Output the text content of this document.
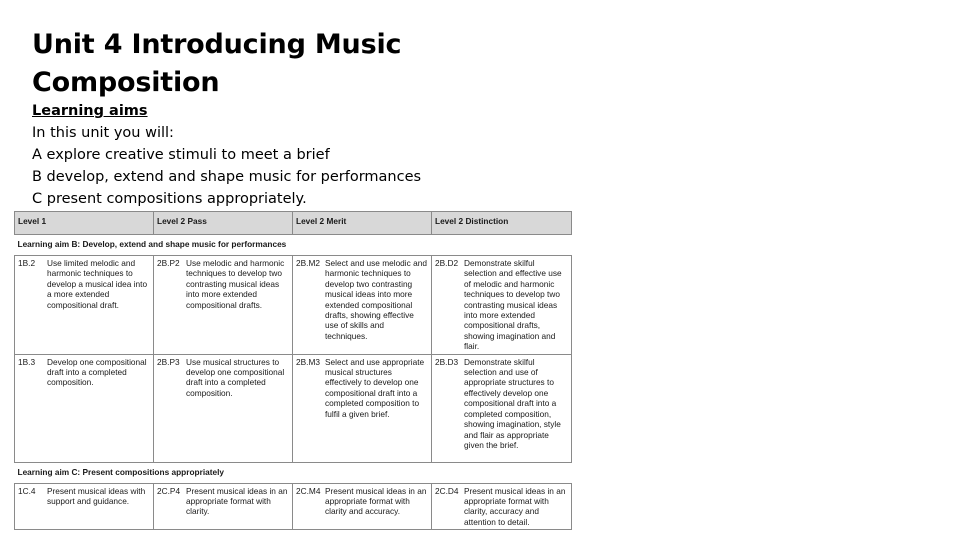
Unit 4 Introducing Music
Composition
Learning aims
In this unit you will:
A explore creative stimuli to meet a brief
B develop, extend and shape music for performances
C present compositions appropriately.
Level 1	Level 2 Pass	Level 2 Merit	Level 2 Distinction
Learning aim B: Develop, extend and shape music for performances			

1B.2 Use limited melodic and harmonic techniques to develop a musical idea into a more extended compositional draft.	2B.P2 Use melodic and harmonic techniques to develop two contrasting musical ideas into more extended compositional drafts.	2B.M2 Select and use melodic and harmonic techniques to develop two contrasting musical ideas into more extended compositional drafts, showing effective use of skills and techniques.	2B.D2 Demonstrate skilful selection and effective use of melodic and harmonic techniques to develop two contrasting musical ideas into more extended compositional drafts, showing imagination and flair.

1B.3 Develop one compositional draft into a completed composition.	2B.P3 Use musical structures to develop one compositional draft into a completed composition.	2B.M3 Select and use appropriate musical structures effectively to develop one compositional draft into a completed composition to fulfil a given brief.	2B.D3 Demonstrate skilful selection and use of appropriate structures to effectively develop one compositional draft into a completed composition, showing imagination, style and flair as appropriate given the brief.

Learning aim C: Present compositions appropriately			

1C.4 Present musical ideas with support and guidance.	2C.P4 Present musical ideas in an appropriate format with clarity.	2C.M4 Present musical ideas in an appropriate format with clarity and accuracy.	2C.D4 Present musical ideas in an appropriate format with clarity, accuracy and attention to detail.
